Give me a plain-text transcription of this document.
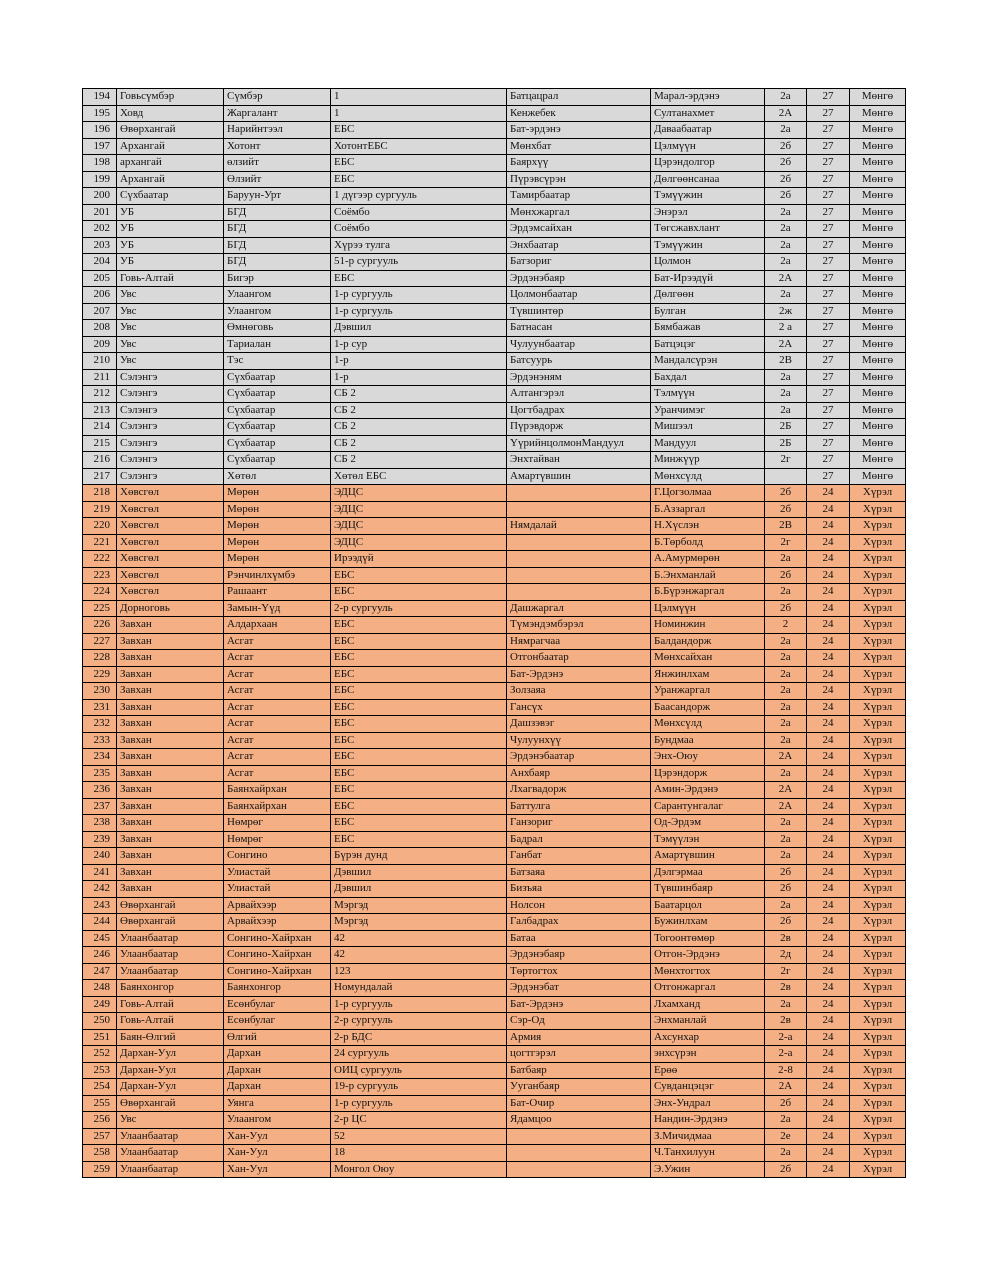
194	Говьсүмбэр	Сүмбэр	1	Батцацрал	Марал-эрдэнэ	2а	27	Мөнгө
195	Ховд	Жаргалант	1	Кенжебек	Султанахмет	2А	27	Мөнгө
196	Өвөрхангай	Нарийнтээл	ЕБС	Бат-эрдэнэ	Даваабаатар	2а	27	Мөнгө
197	Архангай	Хотонт	ХотонтЕБС	Мөнхбат	Цэлмүүн	2б	27	Мөнгө
198	архангай	өлзийт	ЕБС	Баярхүү	Цэрэндолгор	2б	27	Мөнгө
199	Архангай	Өлзийт	ЕБС	Пүрэвсүрэн	Дөлгөөнсанаа	2б	27	Мөнгө
200	Сүхбаатар	Баруун-Урт	1 дүгээр сургууль	Тамирбаатар	Тэмүүжин	2б	27	Мөнгө
201	УБ	БГД	Соёмбо	Мөнхжаргал	Энэрэл	2а	27	Мөнгө
202	УБ	БГД	Соёмбо	Эрдэмсайхан	Төгсжавхлант	2а	27	Мөнгө
203	УБ	БГД	Хүрээ тулга	Энхбаатар	Тэмүүжин	2а	27	Мөнгө
204	УБ	БГД	51-р сургууль	Батзориг	Цолмон	2а	27	Мөнгө
205	Говь-Алтай	Бигэр	ЕБС	Эрдэнэбаяр	Бат-Ирээдүй	2А	27	Мөнгө
206	Увс	Улаангом	1-р сургууль	Цолмонбаатар	Дөлгөөн	2а	27	Мөнгө
207	Увс	Улаангом	1-р сургууль	Түвшинтөр	Булган	2ж	27	Мөнгө
208	Увс	Өмнөговь	Дэвшил	Батнасан	Бямбажав	2 а	27	Мөнгө
209	Увс	Тариалан	1-р сур	Чулуунбаатар	Батцэцэг	2А	27	Мөнгө
210	Увс	Тэс	1-р	Батсуурь	Мандалсүрэн	2В	27	Мөнгө
211	Сэлэнгэ	Сүхбаатар	1-р	Эрдэнэням	Бахдал	2а	27	Мөнгө
212	Сэлэнгэ	Сүхбаатар	СБ 2	Алтангэрэл	Тэлмүүн	2а	27	Мөнгө
213	Сэлэнгэ	Сүхбаатар	СБ 2	Цогтбадрах	Уранчимэг	2а	27	Мөнгө
214	Сэлэнгэ	Сүхбаатар	СБ 2	Пүрэвдорж	Мишээл	2Б	27	Мөнгө
215	Сэлэнгэ	Сүхбаатар	СБ 2	ҮүрийнцолмонМандуул	Мандуул	2Б	27	Мөнгө
216	Сэлэнгэ	Сүхбаатар	СБ 2	Энхтайван	Минжүүр	2г	27	Мөнгө
217	Сэлэнгэ	Хөтөл	Хөтөл ЕБС	Амартүвшин	Мөнхсүлд		27	Мөнгө
218	Хөвсгөл	Мөрөн	ЭДЦС		Г.Цогзолмаа	2б	24	Хүрэл
219	Хөвсгөл	Мөрөн	ЭДЦС		Б.Аззаргал	2б	24	Хүрэл
220	Хөвсгөл	Мөрөн	ЭДЦС	Нямдалай	Н.Хүслэн	2В	24	Хүрэл
221	Хөвсгөл	Мөрөн	ЭДЦС		Б.Төрболд	2г	24	Хүрэл
222	Хөвсгөл	Мөрөн	Ирээдүй		А.Амурмөрөн	2а	24	Хүрэл
223	Хөвсгөл	Рэнчинлхүмбэ	ЕБС		Б.Энхманлай	2б	24	Хүрэл
224	Хөвсгөл	Рашаант	ЕБС		Б.Бүрэнжаргал	2а	24	Хүрэл
225	Дорноговь	Замын-Үүд	2-р сургууль	Дашжаргал	Цэлмүүн	2б	24	Хүрэл
226	Завхан	Алдархаан	ЕБС	Түмэндэмбэрэл	Номинжин	2	24	Хүрэл
227	Завхан	Асгат	ЕБС	Нямрагчаа	Балдандорж	2а	24	Хүрэл
228	Завхан	Асгат	ЕБС	Отгонбаатар	Мөнхсайхан	2а	24	Хүрэл
229	Завхан	Асгат	ЕБС	Бат-Эрдэнэ	Янжинлхам	2а	24	Хүрэл
230	Завхан	Асгат	ЕБС	Золзаяа	Уранжаргал	2а	24	Хүрэл
231	Завхан	Асгат	ЕБС	Гансүх	Баасандорж	2а	24	Хүрэл
232	Завхан	Асгат	ЕБС	Дашзэвэг	Мөнхсүлд	2а	24	Хүрэл
233	Завхан	Асгат	ЕБС	Чулуунхүү	Бундмаа	2а	24	Хүрэл
234	Завхан	Асгат	ЕБС	Эрдэнэбаатар	Энх-Оюу	2А	24	Хүрэл
235	Завхан	Асгат	ЕБС	Анхбаяр	Цэрэндорж	2а	24	Хүрэл
236	Завхан	Баянхайрхан	ЕБС	Лхагвадорж	Амин-Эрдэнэ	2А	24	Хүрэл
237	Завхан	Баянхайрхан	ЕБС	Баттулга	Сарантунгалаг	2А	24	Хүрэл
238	Завхан	Нөмрөг	ЕБС	Ганзориг	Од-Эрдэм	2а	24	Хүрэл
239	Завхан	Нөмрөг	ЕБС	Бадрал	Тэмүүлэн	2а	24	Хүрэл
240	Завхан	Сонгино	Бүрэн дунд	Ганбат	Амартүвшин	2а	24	Хүрэл
241	Завхан	Улиастай	Дэвшил	Батзаяа	Дэлгэрмаа	2б	24	Хүрэл
242	Завхан	Улиастай	Дэвшил	Бизъяа	Түвшинбаяр	2б	24	Хүрэл
243	Өвөрхангай	Арвайхээр	Мэргэд	Нолсон	Баатарцол	2а	24	Хүрэл
244	Өвөрхангай	Арвайхээр	Мэргэд	Галбадрах	Бужинлхам	2б	24	Хүрэл
245	Улаанбаатар	Сонгино-Хайрхан	42	Батаа	Тогоонтөмөр	2в	24	Хүрэл
246	Улаанбаатар	Сонгино-Хайрхан	42	Эрдэнэбаяр	Отгон-Эрдэнэ	2д	24	Хүрэл
247	Улаанбаатар	Сонгино-Хайрхан	123	Төртогтох	Мөнхтогтох	2г	24	Хүрэл
248	Баянхонгор	Баянхонгор	Номундалай	Эрдэнэбат	Отгонжаргал	2в	24	Хүрэл
249	Говь-Алтай	Есөнбулаг	1-р сургууль	Бат-Эрдэнэ	Лхамханд	2а	24	Хүрэл
250	Говь-Алтай	Есөнбулаг	2-р сургууль	Сэр-Од	Энхманлай	2в	24	Хүрэл
251	Баян-Өлгий	Өлгий	2-р БДС	Армия	Ахсунхар	2-а	24	Хүрэл
252	Дархан-Уул	Дархан	24 сургууль	цогтгэрэл	энхсүрэн	2-а	24	Хүрэл
253	Дархан-Уул	Дархан	ОИЦ сургууль	Батбаяр	Ерөө	2-8	24	Хүрэл
254	Дархан-Уул	Дархан	19-р сургууль	Ууганбаяр	Сувданцэцэг	2А	24	Хүрэл
255	Өвөрхангай	Уянга	1-р сургууль	Бат-Очир	Энх-Ундрал	2б	24	Хүрэл
256	Увс	Улаангом	2-р ЦС	Ядамцоо	Нандин-Эрдэнэ	2а	24	Хүрэл
257	Улаанбаатар	Хан-Уул	52		З.Мичидмаа	2е	24	Хүрэл
258	Улаанбаатар	Хан-Уул	18		Ч.Танхилуун	2а	24	Хүрэл
259	Улаанбаатар	Хан-Уул	Монгол Оюу		Э.Ужин	2б	24	Хүрэл
